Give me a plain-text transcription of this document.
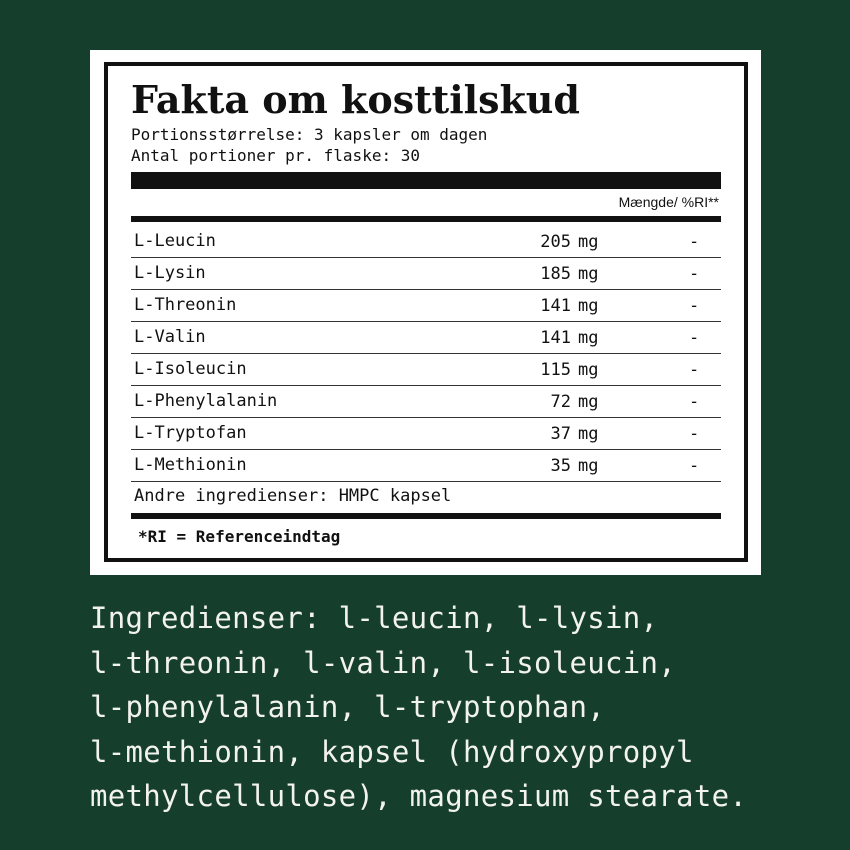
Fakta om kosttilskud
Portionsstørrelse: 3 kapsler om dagen
Antal portioner pr. flaske: 30
Mængde/ %RI**
L-Leucin	205 mg	-
L-Lysin	185 mg	-
L-Threonin	141 mg	-
L-Valin	141 mg	-
L-Isoleucin	115 mg	-
L-Phenylalanin	72 mg	-
L-Tryptofan	37 mg	-
L-Methionin	35 mg	-
Andre ingredienser: HMPC kapsel
*RI = Referenceindtag

Ingredienser: l-leucin, l-lysin,
l-threonin, l-valin, l-isoleucin,
l-phenylalanin, l-tryptophan,
l-methionin, kapsel (hydroxypropyl
methylcellulose), magnesium stearate.
